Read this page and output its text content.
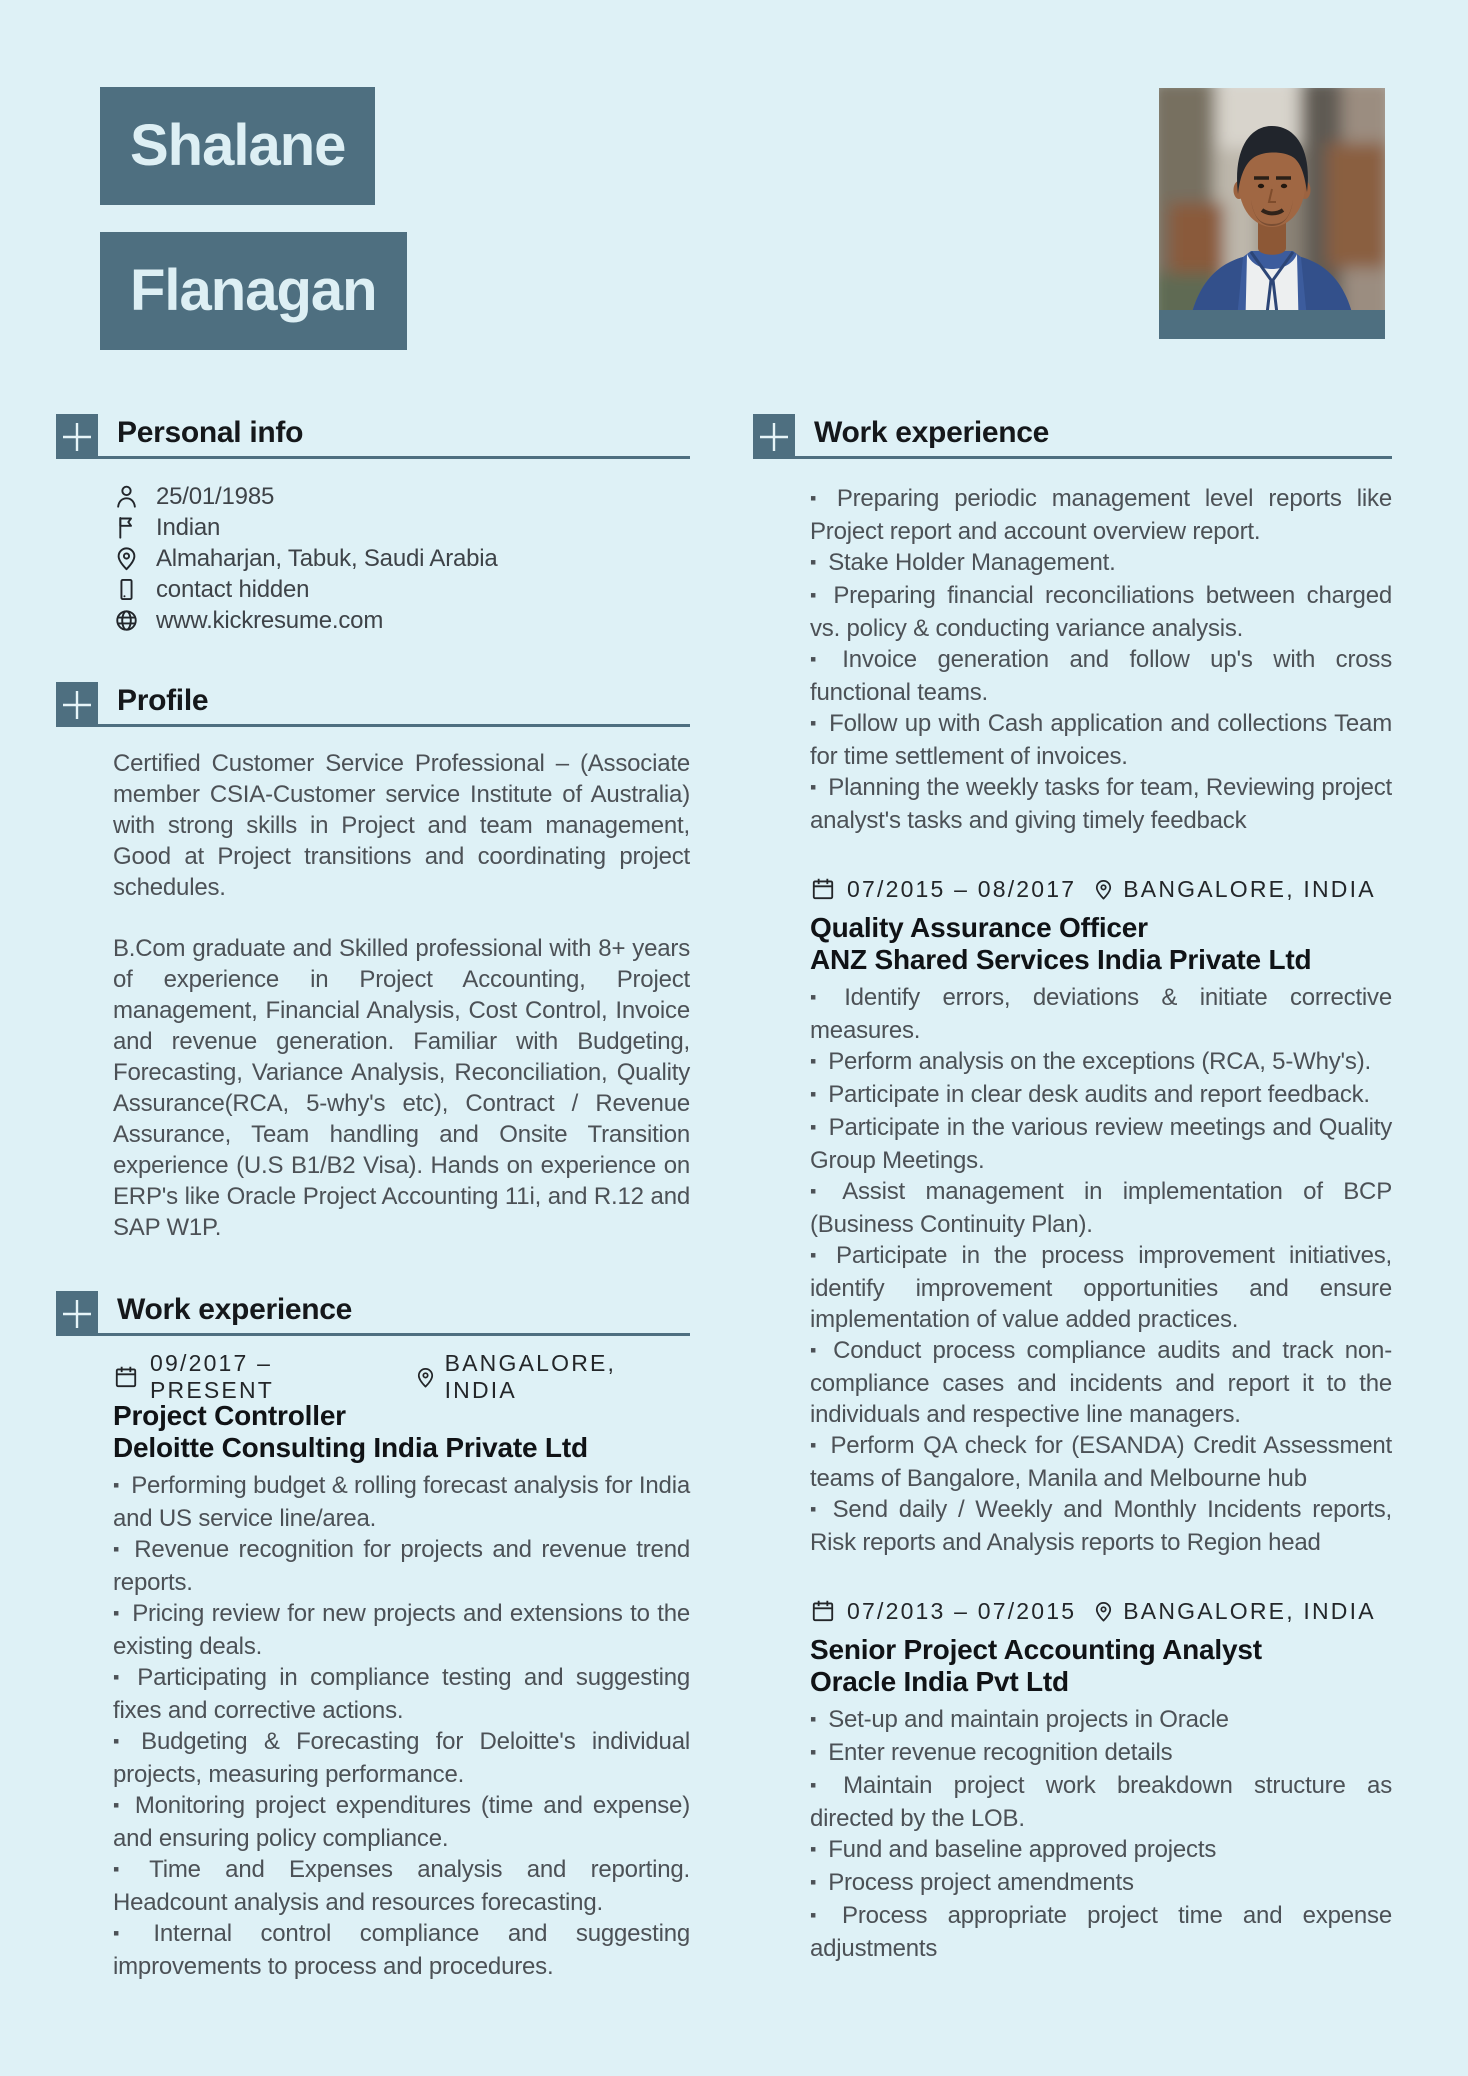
Shalane
Flanagan
Personal info
25/01/1985
Indian
Almaharjan, Tabuk, Saudi Arabia
contact hidden
www.kickresume.com
Profile

Certified Customer Service Professional – (Associate member CSIA-Customer service Institute of Australia) with strong skills in Project and team management, Good at Project transitions and coordinating project schedules.

B.Com graduate and Skilled professional with 8+ years of experience in Project Accounting, Project management, Financial Analysis, Cost Control, Invoice and revenue generation. Familiar with Budgeting, Forecasting, Variance Analysis, Reconciliation, Quality Assurance(RCA, 5-why's etc), Contract / Revenue Assurance, Team handling and Onsite Transition experience (U.S B1/B2 Visa). Hands on experience on ERP's like Oracle Project Accounting 11i, and R.12 and SAP W1P.

Work experience
09/2017 – PRESENT
BANGALORE, INDIA
Project Controller
Deloitte Consulting India Private Ltd

▪ Performing budget & rolling forecast analysis for India and US service line/area.

▪ Revenue recognition for projects and revenue trend reports.

▪ Pricing review for new projects and extensions to the existing deals.

▪ Participating in compliance testing and suggesting fixes and corrective actions.

▪ Budgeting & Forecasting for Deloitte's individual projects, measuring performance.

▪ Monitoring project expenditures (time and expense) and ensuring policy compliance.

▪ Time and Expenses analysis and reporting. Headcount analysis and resources forecasting.

▪ Internal control compliance and suggesting improvements to process and procedures.

Work experience

▪ Preparing periodic management level reports like Project report and account overview report.

▪ Stake Holder Management.

▪ Preparing financial reconciliations between charged vs. policy & conducting variance analysis.

▪ Invoice generation and follow up's with cross functional teams.

▪ Follow up with Cash application and collections Team for time settlement of invoices.

▪ Planning the weekly tasks for team, Reviewing project analyst's tasks and giving timely feedback

07/2015 – 08/2017 BANGALORE, INDIA
Quality Assurance Officer
ANZ Shared Services India Private Ltd

▪ Identify errors, deviations & initiate corrective measures.

▪ Perform analysis on the exceptions (RCA, 5-Why's).

▪ Participate in clear desk audits and report feedback.

▪ Participate in the various review meetings and Quality Group Meetings.

▪ Assist management in implementation of BCP (Business Continuity Plan).

▪ Participate in the process improvement initiatives, identify improvement opportunities and ensure implementation of value added practices.

▪ Conduct process compliance audits and track non-compliance cases and incidents and report it to the individuals and respective line managers.

▪ Perform QA check for (ESANDA) Credit Assessment teams of Bangalore, Manila and Melbourne hub

▪ Send daily / Weekly and Monthly Incidents reports, Risk reports and Analysis reports to Region head

07/2013 – 07/2015 BANGALORE, INDIA
Senior Project Accounting Analyst
Oracle India Pvt Ltd

▪ Set-up and maintain projects in Oracle

▪ Enter revenue recognition details

▪ Maintain project work breakdown structure as directed by the LOB.

▪ Fund and baseline approved projects

▪ Process project amendments

▪ Process appropriate project time and expense adjustments
